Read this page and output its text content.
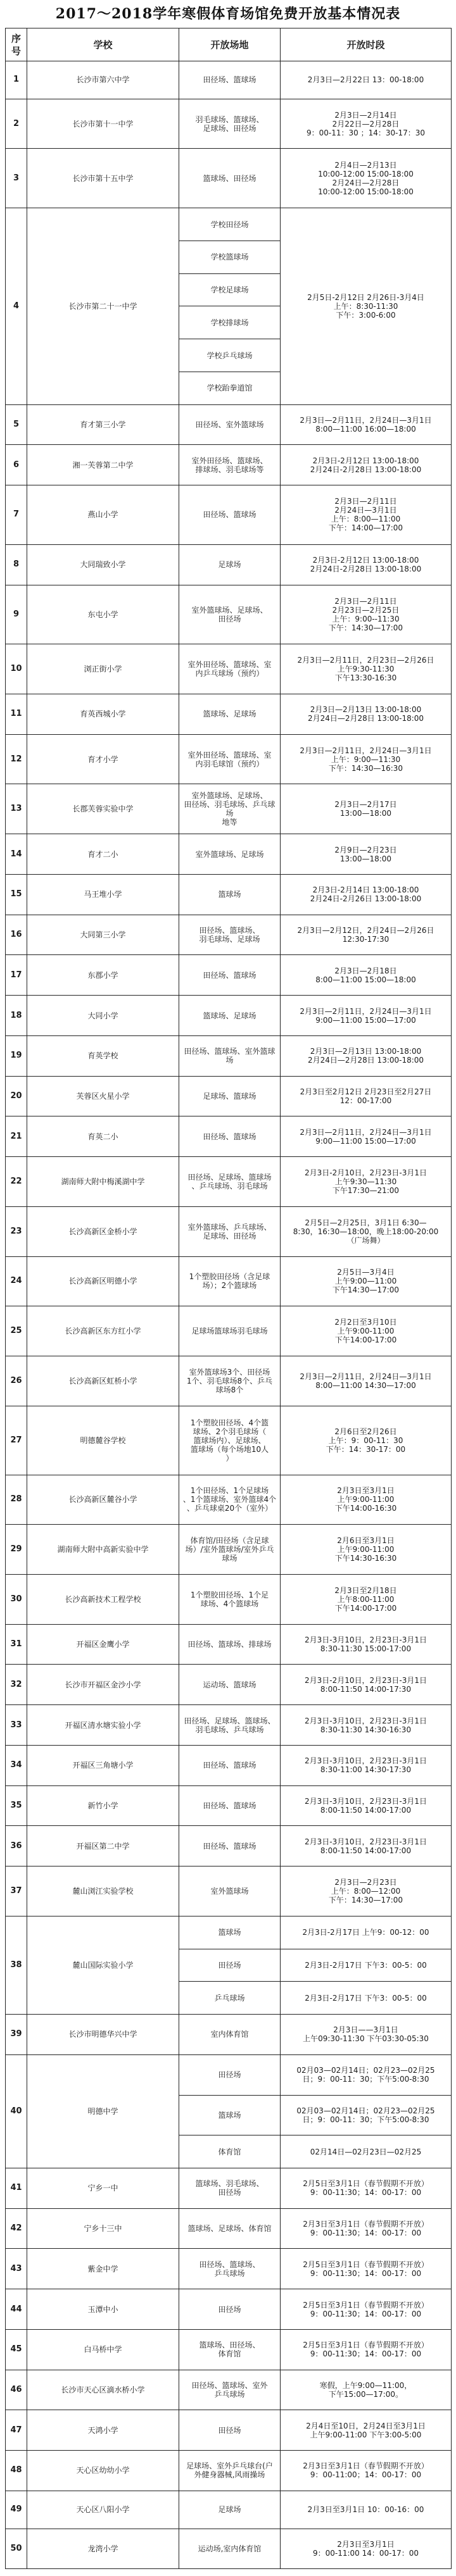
2017～2018学年寒假体育场馆免费开放基本情况表
序
号	学校	开放场地	开放时段
1	长沙市第六中学	田径场、篮球场	2月3日—2月22日 13：00-18:00

2	长沙市第十一中学	羽毛球场、篮球场、
足球场、田径场	2月3日—2月14日
2月22日—2月28日
9：00-11：30 ；14：30-17：30

3	长沙市第十五中学	篮球场、田径场	2月4日—2月13日
10:00-12:00 15:00-18:00
2月24日—2月28日
10:00-12:00 15:00-18:00

4	长沙市第二十一中学	学校田径场	2月5日-2月12日 2月26日-3月4日
上午：8:30-11:30
下午：3:00-6:00

		学校篮球场	

		学校足球场	

		学校排球场	

		学校乒乓球场	

		学校跆拳道馆	

5	育才第三小学	田径场、室外篮球场	2月3日—2月11日，2月24日—3月1日
8:00—11:00 16:00—18:00

6	湘一芙蓉第二中学	室外田径场、篮球场、
排球场、羽毛球场等	2月3日-2月12日 13:00-18:00
2月24日-2月28日 13:00-18:00

7	燕山小学	田径场、篮球场	2月3日—2月11日
2月24日—3月1日
上午：8:00—11:00
下午：14:00—17:00

8	大同瑞致小学	足球场	2月3日-2月12日 13:00-18:00
2月24日-2月28日 13:00-18:00

9	东屯小学	室外篮球场、足球场、
田径场	2月3日—2月11日
2月23日—2月25日
上午：9:00--11:30
下午：14:30—17:00

10	浏正街小学	室外田径场、篮球场、室
内乒乓球场（预约）	2月3日—2月11日，2月23日—2月26日
上午9:30-11:30
下午13:30-16:30

11	育英西城小学	篮球场、足球场	2月3日—2月13日 13:00-18:00
2月24日—2月28日 13:00-18:00

12	育才小学	室外田径场、篮球场、室
内羽毛球馆（预约）	2月3日—2月11日，2月24日—3月1日
上午：9:00—11:30
下午：14:30—16:30

13	长郡芙蓉实验中学	室外篮球场、足球场、
田径场、羽毛球场、乒乓球场
地等	2月3日—2月17日
13:00—18:00

14	育才二小	室外篮球场、足球场	2月9日—2月23日
13:00—18:00

15	马王堆小学	篮球场	2月3日-2月14日 13:00-18:00
2月24日-2月26日 13:00-18:00

16	大同第三小学	田径场、篮球场、
羽毛球场、足球场	2月3日—2月12日，2月24日—2月26日
12:30-17:30

17	东郡小学	田径场、篮球场	2月3日—2月18日
8:00—11:00 15:00—18:00

18	大同小学	篮球场、足球场	2月3日—2月11日，2月24日—3月1日
9:00—11:00 15:00—17:00

19	育英学校	田径场、篮球场、室外篮球场	2月3日—2月13日 13:00-18:00
2月24日—2月28日 13:00-18:00

20	芙蓉区火星小学	足球场、篮球场	2月3日至2月12日 2月23日至2月27日
12：00-17:00

21	育英二小	田径场、篮球场	2月3日—2月11日，2月24日—3月1日
9:00—11:00 15:00—17:00

22	湖南师大附中梅溪湖中学	田径场、足球场、篮球场
、乒乓球场、羽毛球场	2月3日-2月10日，2月23日-3月1日
上午9:30—11:30
下午17:30—21:00

23	长沙高新区金桥小学	室外篮球场、乒乓球场、
足球场、田径场	2月5日—2月25日，3月1日 6:30—
8:30，16:30—18:00，晚上18:00-20:00
（广场舞）

24	长沙高新区明德小学	1个塑胶田径场（含足球
场）；2个篮球场	2月5日—3月4日
上午9:00—11:00
下午14:30—17:00

25	长沙高新区东方红小学	足球场篮球场羽毛球场	2月2日至3月10日
上午9:00-11:00
下午14:00-17:00

26	长沙高新区虹桥小学	室外篮球场3个、田径场
1个、羽毛球场8个、乒乓
球场8个	2月3日—2月11日，2月24日—3月1日
8:00—11:00 14:30—17:00

27	明德麓谷学校	1个塑胶田径场、4个篮
球场、2个羽毛球场（
篮球场内）、足球场、
篮球场（每个场地10人
）	2月6日至2月26日
上午：9：00-11：30
下午：14：30-17：00

28	长沙高新区麓谷小学	1个田径场、1个足球场
、1个篮球场、室外篮球4个
、乒乓球桌20个（室外）	2月3日至3月1日
上午9:00-11:00
下午14:00-16:30

29	湖南师大附中高新实验中学	体育馆/田径场（含足球
场）/室外篮球场/室外乒乓
球场	2月6日至3月1日
上午9:00-11:00
下午14:30-16:30

30	长沙高新技术工程学校	1个塑胶田径场、1个足
球场、4个篮球场	2月3日至2月18日
上午8:00-11:00
下午14:00-17:00

31	开福区金鹰小学	田径场、篮球场、排球场	2月3日-3月10日，2月23日-3月1日
8:30-11:30 15:00-17:00

32	长沙市开福区金沙小学	运动场、篮球场	2月3日-2月10日，2月23日-3月1日
8:00-11:50 14:00-17:30

33	开福区清水塘实验小学	田径场、足球场、篮球场、
羽毛球场、乒乓球场	2月3日-3月10日，2月23日-3月1日
8:30-11:30 14:30-16:30

34	开福区三角塘小学	田径场、篮球场	2月3日-3月10日，2月23日-3月1日
8:30-11:00 14:30-17:30

35	新竹小学	田径场、篮球场	2月3日-3月10日，2月23日-3月1日
8:00-11:50 14:00-17:00

36	开福区第二中学	田径场、篮球场	2月3日-3月10日，2月23日-3月1日
8:00-11:50 14:00-17:00

37	麓山浏江实验学校	室外篮球场	2月3日—2月23日
上午：8:00—12:00
下午：14:30—17:00

38	麓山国际实验小学	篮球场	2月3日-2月17日 上午9：00-12：00

		田径场	2月3日-2月17日 下午3：00-5：00

		乒乓球场	2月3日-2月17日 下午3：00-5：00

39	长沙市明德华兴中学	室内体育馆	2月3日——3月1日
上午09:30-11:30 下午03:30-05:30

40	明德中学	田径场	02月03—02月14日；02月23—02月25
日；9：00-11：30；下午5:00-8:30

		篮球场	02月03—02月14日；02月23—02月25
日；9：00-11：30；下午5:00-8:30

		体育馆	02月14日—02月23日—02月25

41	宁乡一中	篮球场、羽毛球场、
田径场	2月5日至3月1日（春节假期不开放）
9：00-11:30；14：00-17：00

42	宁乡十三中	篮球场、足球场、体育馆	2月3日至3月1日（春节假期不开放）
9：00-11:30；14：00-17：00

43	紫金中学	田径场、篮球场、
乒乓球场	2月5日至3月1日（春节假期不开放）
9：00-11:30；14：00-17：00

44	玉潭中小	田径场	2月5日至3月1日（春节假期不开放）
9：00-11:30；14：00-17：00

45	白马桥中学	篮球场、田径场、
体育馆	2月5日至3月1日（春节假期不开放）
9：00-11:30；14：00-17：00

46	长沙市天心区滴水桥小学	田径场、篮球场、室外
乒乓球场	寒假，上午9:00—11:00，
下午15:00—17:00。

47	天鸿小学	田径场	2月4日至10日，2月24日至3月1日
上午9:00-11:00 下午3:00-5:00

48	天心区幼幼小学	足球场、室外乒乓球台(户
外健身器械,风雨操场	2月3日至3月1日（春节假期不开放）
9：00-11:00；14：00-17：00

49	天心区八阳小学	足球场	2月3日至3月1日 10：00-16：00

50	龙湾小学	运动场,室内体育馆	2月3日至3月1日
9：00-11:00 14：00-17：00
